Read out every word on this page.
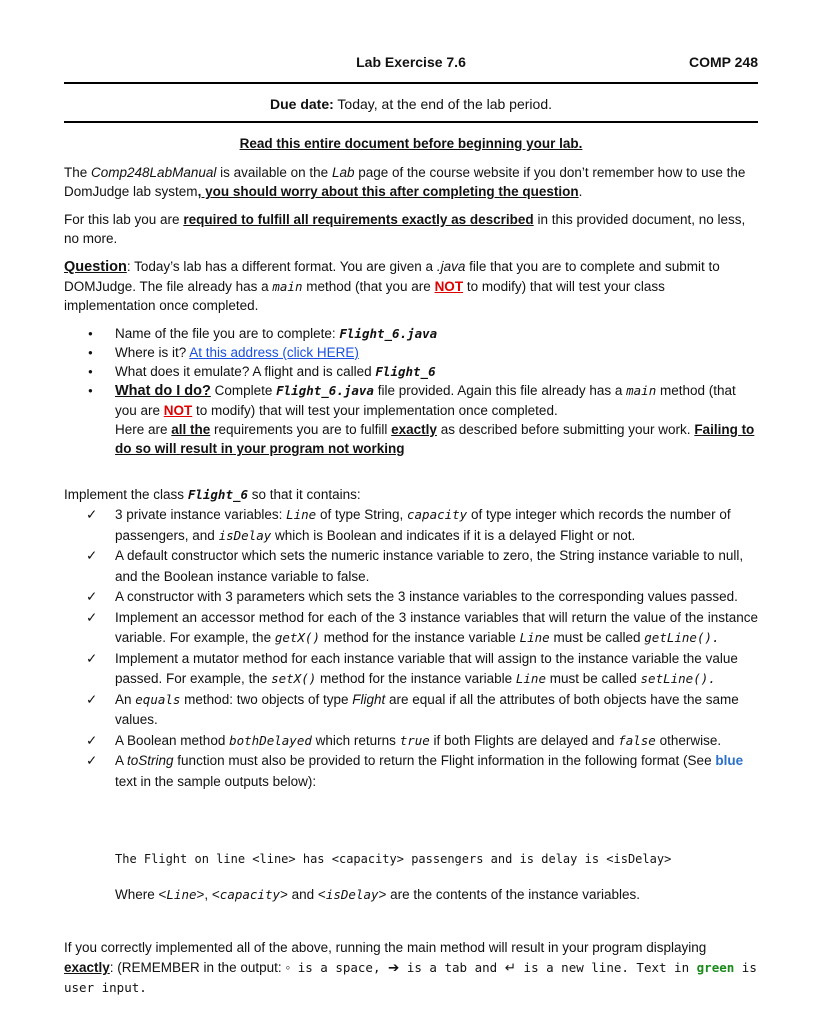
Lab Exercise 7.6	COMP 248
Due date: Today, at the end of the lab period.
Read this entire document before beginning your lab.
The Comp248LabManual is available on the Lab page of the course website if you don’t remember how to use the DomJudge lab system, you should worry about this after completing the question.
For this lab you are required to fulfill all requirements exactly as described in this provided document, no less, no more.
Question: Today’s lab has a different format. You are given a .java file that you are to complete and submit to DOMJudge. The file already has a main method (that you are NOT to modify) that will test your class implementation once completed.
● Name of the file you are to complete: Flight_6.java
● Where is it? At this address (click HERE)
● What does it emulate? A flight and is called Flight_6
● What do I do? Complete Flight_6.java file provided. Again this file already has a main method (that you are NOT to modify) that will test your implementation once completed.
Here are all the requirements you are to fulfill exactly as described before submitting your work. Failing to do so will result in your program not working
Implement the class Flight_6 so that it contains:
✓ 3 private instance variables: Line of type String, capacity of type integer which records the number of passengers, and isDelay which is Boolean and indicates if it is a delayed Flight or not.
✓ A default constructor which sets the numeric instance variable to zero, the String instance variable to null, and the Boolean instance variable to false.
✓ A constructor with 3 parameters which sets the 3 instance variables to the corresponding values passed.
✓ Implement an accessor method for each of the 3 instance variables that will return the value of the instance variable. For example, the getX() method for the instance variable Line must be called getLine().
✓ Implement a mutator method for each instance variable that will assign to the instance variable the value passed. For example, the setX() method for the instance variable Line must be called setLine().
✓ An equals method: two objects of type Flight are equal if all the attributes of both objects have the same values.
✓ A Boolean method bothDelayed which returns true if both Flights are delayed and false otherwise.
✓ A toString function must also be provided to return the Flight information in the following format (See blue text in the sample outputs below):
The Flight on line <line> has <capacity> passengers and is delay is <isDelay>
Where <Line>, <capacity> and <isDelay> are the contents of the instance variables.
If you correctly implemented all of the above, running the main method will result in your program displaying exactly: (REMEMBER in the output: ◦ is a space, ➔ is a tab and ↵ is a new line. Text in green is user input.
